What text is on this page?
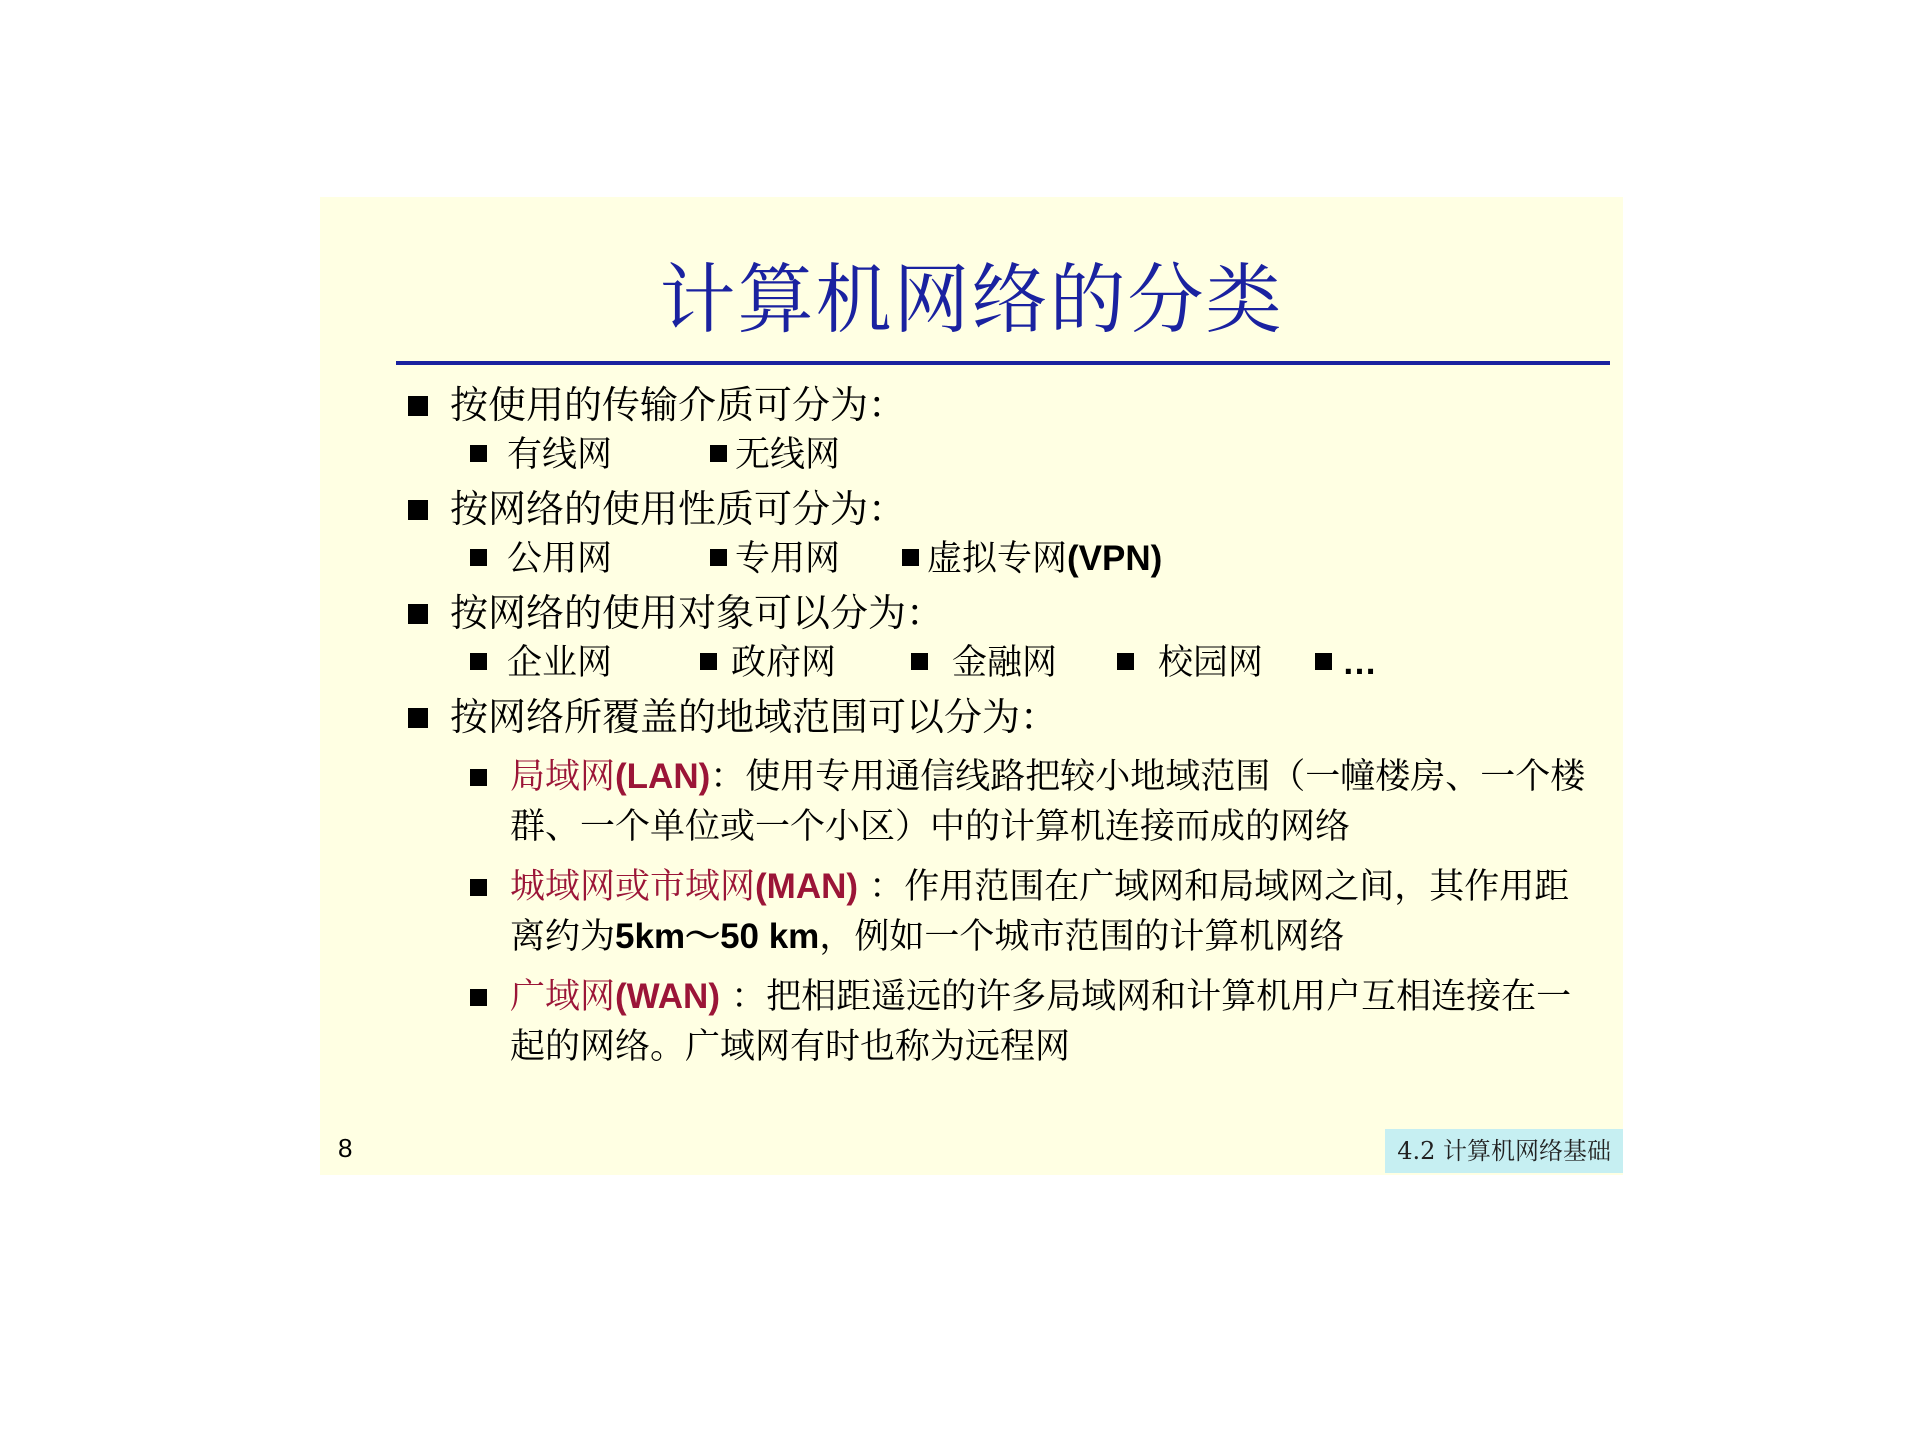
计算机网络的分类
按使用的传输介质可分为：
有线网	无线网
按网络的使用性质可分为：
公用网	专用网	虚拟专网(VPN)
按网络的使用对象可以分为：
企业网	政府网	金融网	校园网	…
按网络所覆盖的地域范围可以分为：
局域网(LAN)：使用专用通信线路把较小地域范围（一幢楼房、一个楼群、一个单位或一个小区）中的计算机连接而成的网络
城域网或市域网(MAN) ：作用范围在广域网和局域网之间，其作用距离约为5km～50 km，例如一个城市范围的计算机网络
广域网(WAN) ：把相距遥远的许多局域网和计算机用户互相连接在一起的网络。广域网有时也称为远程网
8	4.2 计算机网络基础
